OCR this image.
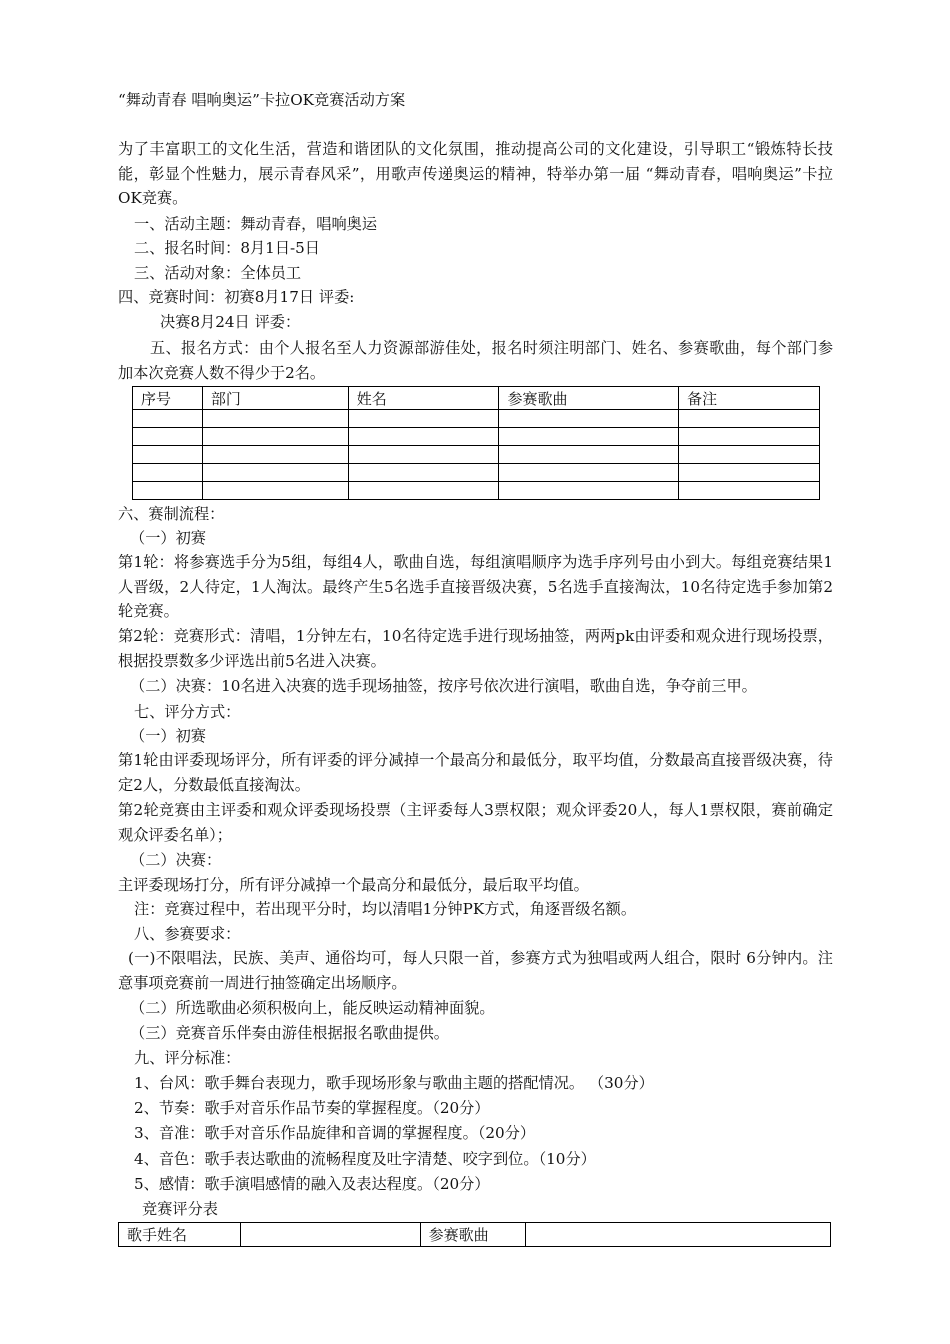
“舞动青春 唱响奥运”卡拉OK竞赛活动方案
为了丰富职工的文化生活，营造和谐团队的文化氛围，推动提高公司的文化建设，引导职工“锻炼特长技能，彰显个性魅力，展示青春风采”，用歌声传递奥运的精神，特举办第一届 “舞动青春，唱响奥运”卡拉OK竞赛。
一、活动主题：舞动青春，唱响奥运
二、报名时间：8月1日-5日
三、活动对象：全体员工
四、竞赛时间：初赛8月17日 评委:
决赛8月24日 评委：
五、报名方式：由个人报名至人力资源部游佳处，报名时须注明部门、姓名、参赛歌曲，每个部门参加本次竞赛人数不得少于2名。
序号	部门	姓名	参赛歌曲	备注

六、赛制流程：
（一）初赛
第1轮：将参赛选手分为5组，每组4人，歌曲自选，每组演唱顺序为选手序列号由小到大。每组竞赛结果1人晋级，2人待定，1人淘汰。最终产生5名选手直接晋级决赛，5名选手直接淘汰，10名待定选手参加第2轮竞赛。
第2轮：竞赛形式：清唱，1分钟左右，10名待定选手进行现场抽签，两两pk由评委和观众进行现场投票，根据投票数多少评选出前5名进入决赛。
（二）决赛：10名进入决赛的选手现场抽签，按序号依次进行演唱，歌曲自选，争夺前三甲。
七、评分方式：
（一）初赛
第1轮由评委现场评分，所有评委的评分减掉一个最高分和最低分，取平均值，分数最高直接晋级决赛，待定2人，分数最低直接淘汰。
第2轮竞赛由主评委和观众评委现场投票（主评委每人3票权限；观众评委20人，每人1票权限，赛前确定观众评委名单）；
（二）决赛：
主评委现场打分，所有评分减掉一个最高分和最低分，最后取平均值。
注：竞赛过程中，若出现平分时，均以清唱1分钟PK方式，角逐晋级名额。
八、参赛要求：
(一)不限唱法，民族、美声、通俗均可，每人只限一首，参赛方式为独唱或两人组合，限时 6分钟内。注意事项竞赛前一周进行抽签确定出场顺序。
（二）所选歌曲必须积极向上，能反映运动精神面貌。
（三）竞赛音乐伴奏由游佳根据报名歌曲提供。
九、评分标准：
1、台风：歌手舞台表现力，歌手现场形象与歌曲主题的搭配情况。 （30分）
2、节奏：歌手对音乐作品节奏的掌握程度。（20分）
3、音准：歌手对音乐作品旋律和音调的掌握程度。（20分）
4、音色：歌手表达歌曲的流畅程度及吐字清楚、咬字到位。（10分）
5、感情：歌手演唱感情的融入及表达程度。（20分）
竞赛评分表
歌手姓名		参赛歌曲	
